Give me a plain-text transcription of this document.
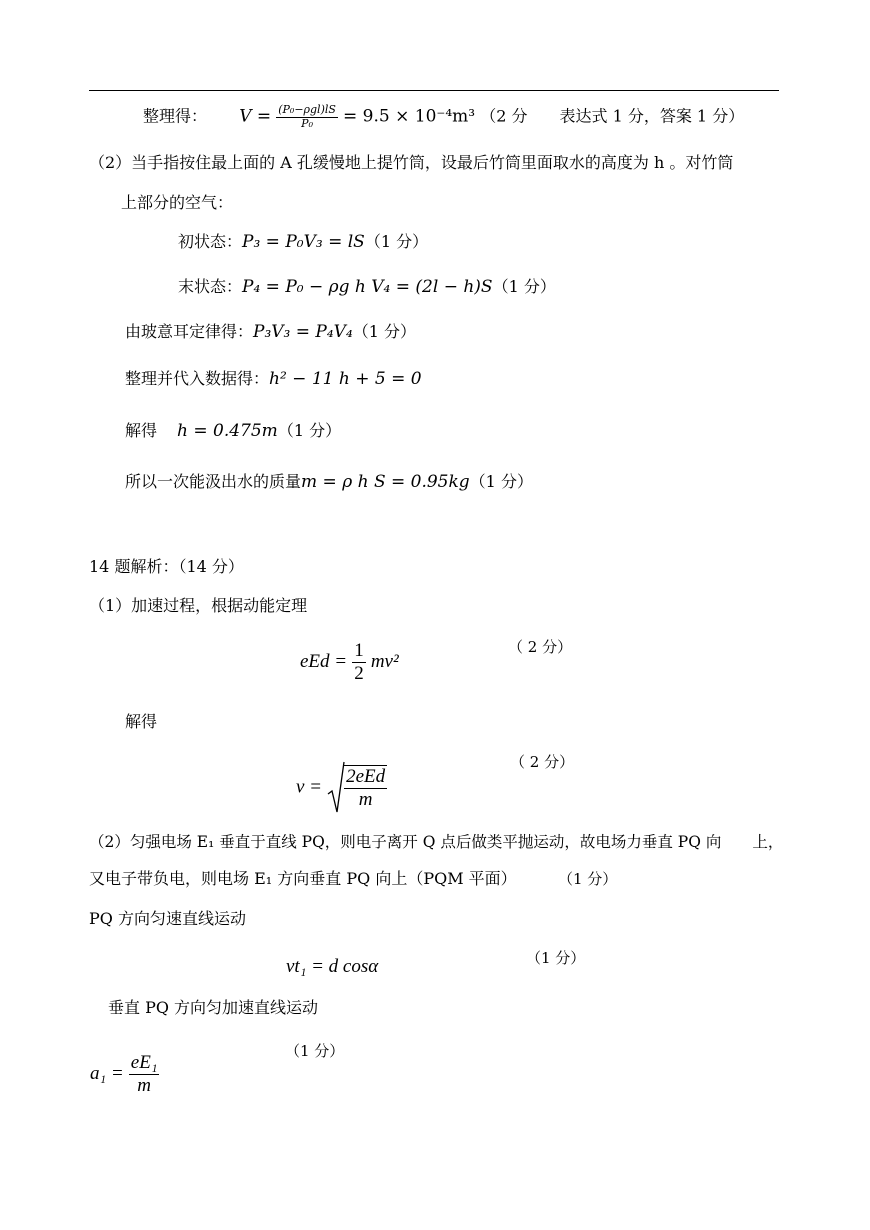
整理得： $V = \frac{\text{(P₀−ρgl)lS}}{\text{P₀}} = 9.5 \times 10^{-4}m^3$ （2 分　　表达式 1 分，答案 1 分）
（2）当手指按住最上面的 A 孔缓慢地上提竹筒，设最后竹筒里面取水的高度为 h 。对竹筒
上部分的空气：
初状态：P₃ = P₀V₃ = lS（1 分）
末状态：P₄ = P₀ − ρg h V₄ = (2l − h)S（1 分）
由玻意耳定律得：P₃V₃ = P₄V₄（1 分）
整理并代入数据得：h² − 11 h + 5 = 0
解得 h = 0.475m（1 分）
所以一次能汲出水的质量m = ρ h S = 0.95kg（1 分）
14 题解析：（14 分）
（1）加速过程，根据动能定理
eEd = $\frac{1}{2} mv^2$
（ 2 分）
解得
$v = \frac{\text{2eEd}}{m}$
（ 2 分）
（2）匀强电场 E₁ 垂直于直线 PQ，则电子离开 Q 点后做类平抛运动，故电场力垂直 PQ 向　　上，
又电子带负电，则电场 E₁ 方向垂直 PQ 向上（PQM 平面）	（1 分）
PQ 方向匀速直线运动
vt₁ = d cosα	（1 分）
垂直 PQ 方向匀加速直线运动
（1 分）
$a_1 = \frac{\text{eE₁}}{m}$
